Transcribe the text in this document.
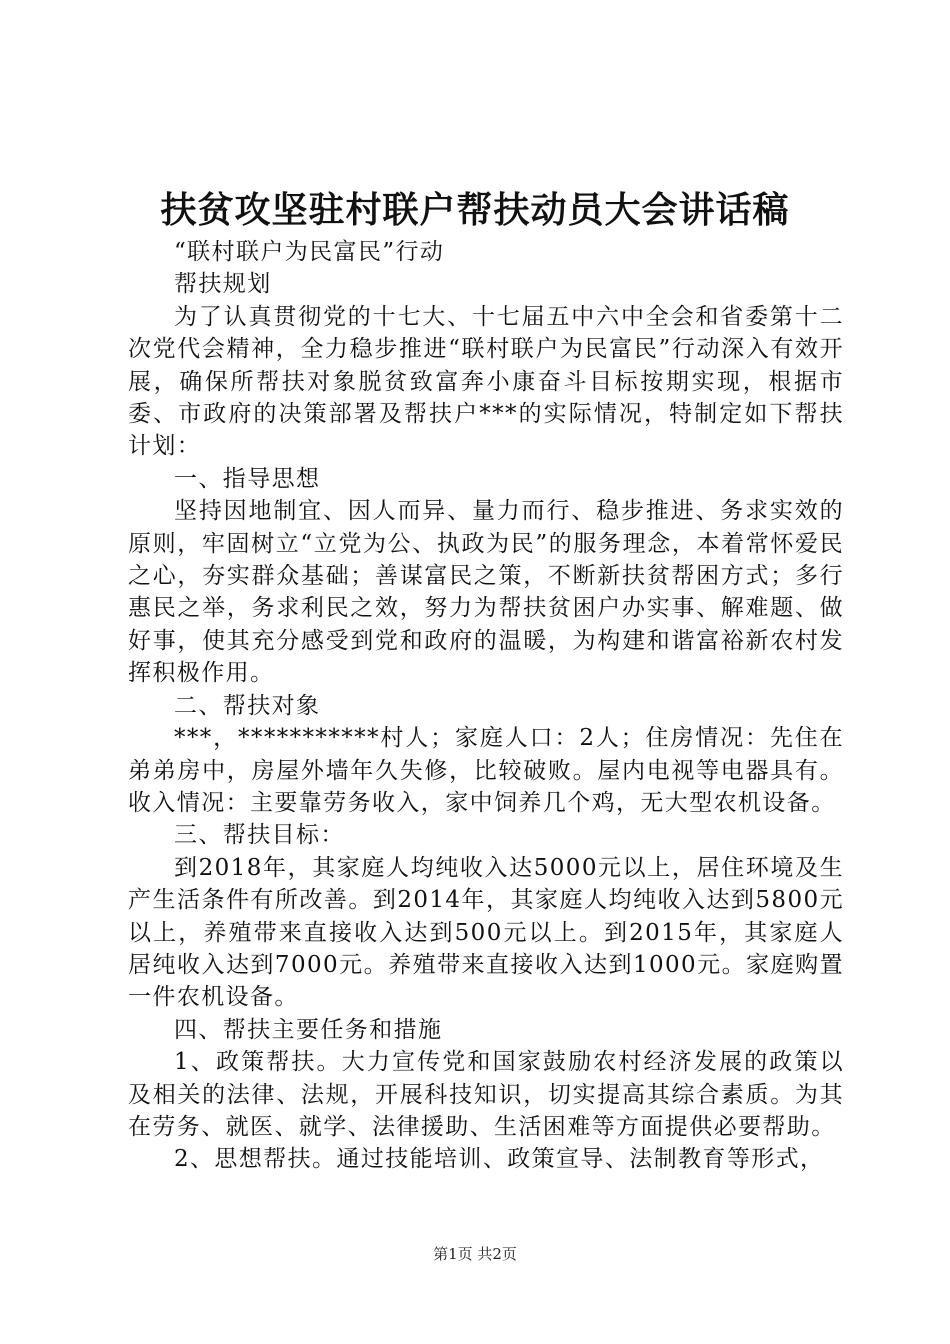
扶贫攻坚驻村联户帮扶动员大会讲话稿

“联村联户为民富民”行动

帮扶规划

为了认真贯彻党的十七大、十七届五中六中全会和省委第十二次党代会精神，全力稳步推进“联村联户为民富民”行动深入有效开展，确保所帮扶对象脱贫致富奔小康奋斗目标按期实现，根据市委、市政府的决策部署及帮扶户***的实际情况，特制定如下帮扶计划：

一、指导思想

坚持因地制宜、因人而异、量力而行、稳步推进、务求实效的原则，牢固树立“立党为公、执政为民”的服务理念，本着常怀爱民之心，夯实群众基础；善谋富民之策，不断新扶贫帮困方式；多行惠民之举，务求利民之效，努力为帮扶贫困户办实事、解难题、做好事，使其充分感受到党和政府的温暖，为构建和谐富裕新农村发挥积极作用。

二、帮扶对象

***，***********村人；家庭人口：2人；住房情况：先住在弟弟房中，房屋外墙年久失修，比较破败。屋内电视等电器具有。收入情况：主要靠劳务收入，家中饲养几个鸡，无大型农机设备。

三、帮扶目标：

到2018年，其家庭人均纯收入达5000元以上，居住环境及生产生活条件有所改善。到2014年，其家庭人均纯收入达到5800元以上，养殖带来直接收入达到500元以上。到2015年，其家庭人居纯收入达到7000元。养殖带来直接收入达到1000元。家庭购置一件农机设备。

四、帮扶主要任务和措施

1、政策帮扶。大力宣传党和国家鼓励农村经济发展的政策以及相关的法律、法规，开展科技知识，切实提高其综合素质。为其在劳务、就医、就学、法律援助、生活困难等方面提供必要帮助。

2、思想帮扶。通过技能培训、政策宣导、法制教育等形式，

第1页 共2页
